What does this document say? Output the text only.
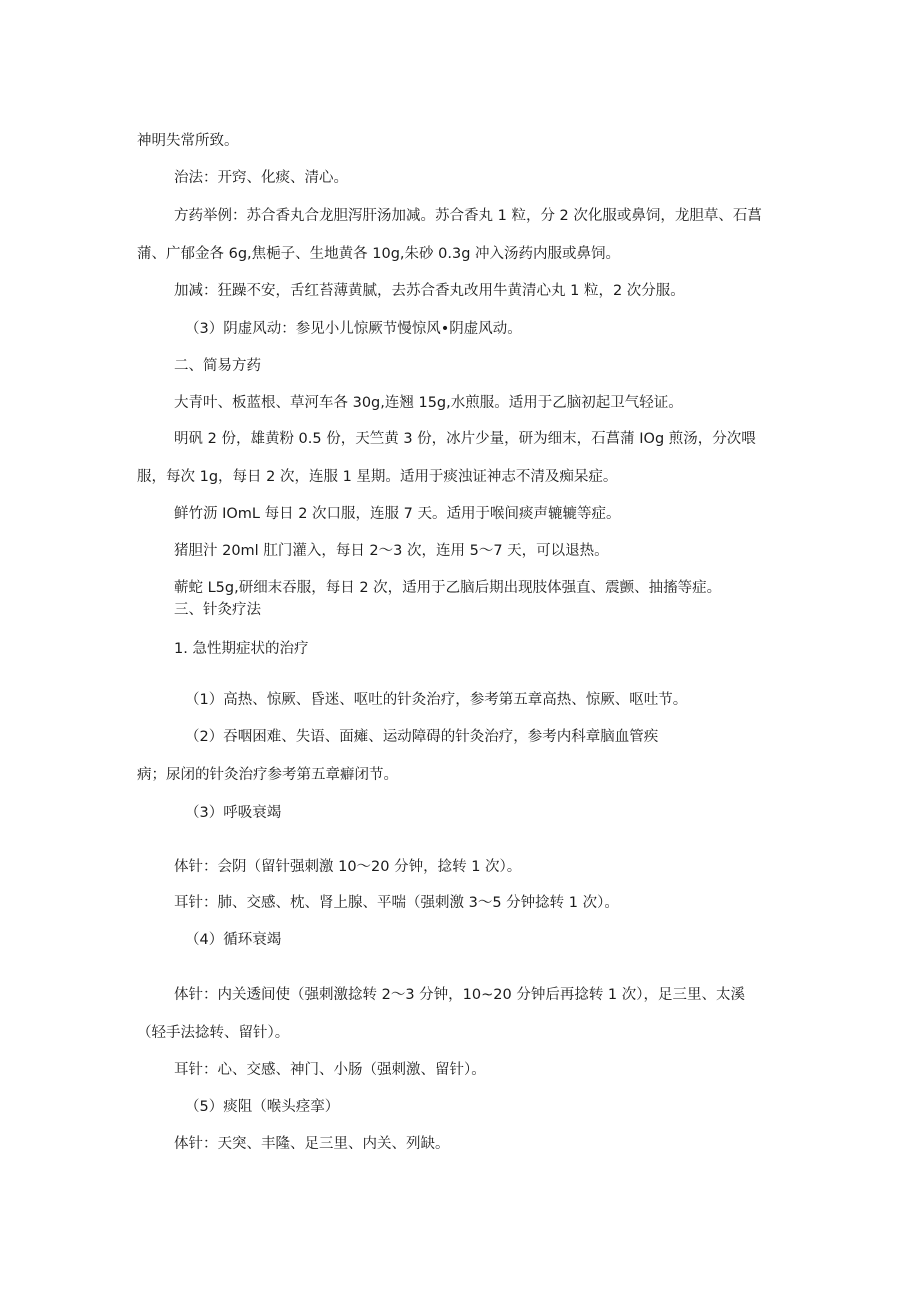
神明失常所致。

治法：开窍、化痰、清心。

方药举例：苏合香丸合龙胆泻肝汤加减。苏合香丸 1 粒，分 2 次化服或鼻饲，龙胆草、石菖

蒲、广郁金各 6g,焦梔子、生地黄各 10g,朱砂 0.3g 冲入汤药内服或鼻饲。

加减：狂躁不安，舌红苔薄黄腻，去苏合香丸改用牛黄清心丸 1 粒，2 次分服。

（3）阴虚风动：参见小儿惊厥节慢惊风•阴虚风动。

二、简易方药

大青叶、板蓝根、草河车各 30g,连翘 15g,水煎服。适用于乙脑初起卫气轻证。

明矾 2 份，雄黄粉 0.5 份，天竺黄 3 份，冰片少量，研为细末，石菖蒲 IOg 煎汤，分次喂

服，每次 1g，每日 2 次，连服 1 星期。适用于痰浊证神志不清及痴呆症。

鲜竹沥 IOmL 每日 2 次口服，连服 7 天。适用于喉间痰声辘辘等症。

猪胆汁 20ml 肛门灌入，每日 2～3 次，连用 5～7 天，可以退热。

蕲蛇 L5g,研细末吞服，每日 2 次，适用于乙脑后期出现肢体强直、震颤、抽搐等症。

三、针灸疗法

1. 急性期症状的治疗

（1）高热、惊厥、昏迷、呕吐的针灸治疗，参考第五章高热、惊厥、呕吐节。

（2）吞咽困难、失语、面瘫、运动障碍的针灸治疗，参考内科章脑血管疾

病；尿闭的针灸治疗参考第五章癖闭节。

（3）呼吸衰竭

体针：会阴（留针强刺激 10～20 分钟，捻转 1 次）。

耳针：肺、交感、枕、肾上腺、平喘（强刺激 3～5 分钟捻转 1 次）。

（4）循环衰竭

体针：内关透间使（强刺激捻转 2～3 分钟，10~20 分钟后再捻转 1 次），足三里、太溪

（轻手法捻转、留针）。

耳针：心、交感、神门、小肠（强刺激、留针）。

（5）痰阻（喉头痉挛）

体针：天突、丰隆、足三里、内关、列缺。
